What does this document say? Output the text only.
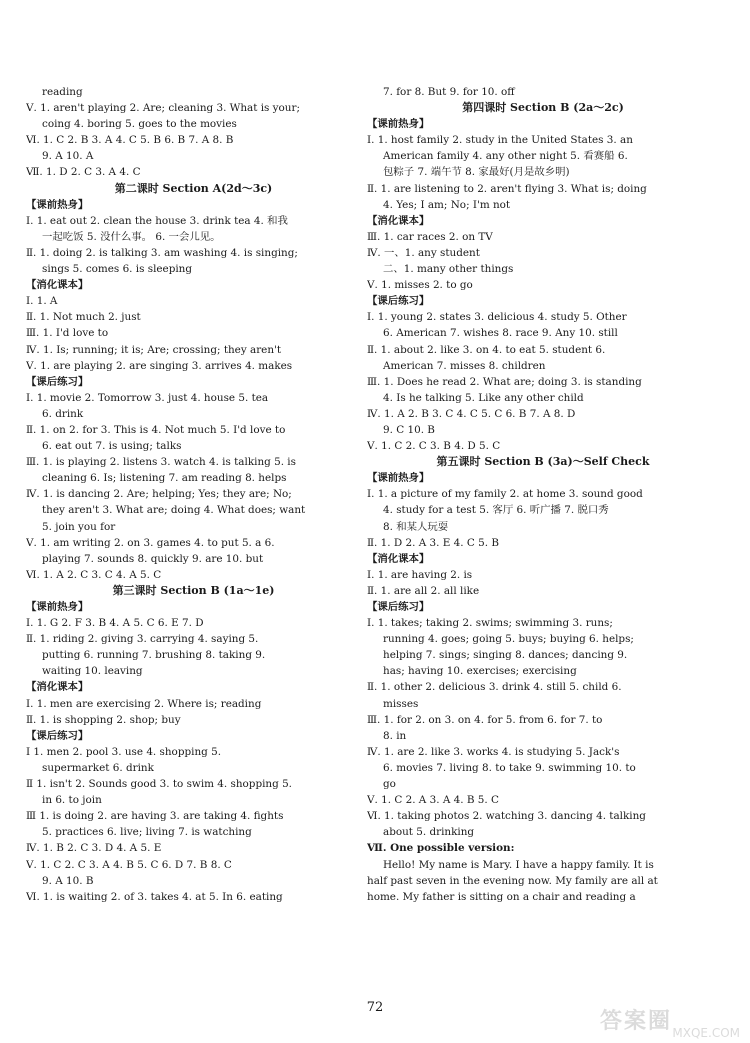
reading
Ⅴ. 1. aren't playing 2. Are; cleaning 3. What is your;
coing 4. boring 5. goes to the movies
Ⅵ. 1. C 2. B 3. A 4. C 5. B 6. B 7. A 8. B
9. A 10. A
Ⅶ. 1. D 2. C 3. A 4. C
第二课时 Section A(2d～3c)
【课前热身】
Ⅰ. 1. eat out 2. clean the house 3. drink tea 4. 和我
一起吃饭 5. 没什么事。 6. 一会儿见。
Ⅱ. 1. doing 2. is talking 3. am washing 4. is singing;
sings 5. comes 6. is sleeping
【消化课本】
Ⅰ. 1. A
Ⅱ. 1. Not much 2. just
Ⅲ. 1. I'd love to
Ⅳ. 1. Is; running; it is; Are; crossing; they aren't
Ⅴ. 1. are playing 2. are singing 3. arrives 4. makes
【课后练习】
Ⅰ. 1. movie 2. Tomorrow 3. just 4. house 5. tea
6. drink
Ⅱ. 1. on 2. for 3. This is 4. Not much 5. I'd love to
6. eat out 7. is using; talks
Ⅲ. 1. is playing 2. listens 3. watch 4. is talking 5. is
cleaning 6. Is; listening 7. am reading 8. helps
Ⅳ. 1. is dancing 2. Are; helping; Yes; they are; No;
they aren't 3. What are; doing 4. What does; want
5. join you for
Ⅴ. 1. am writing 2. on 3. games 4. to put 5. a 6.
playing 7. sounds 8. quickly 9. are 10. but
Ⅵ. 1. A 2. C 3. C 4. A 5. C
第三课时 Section B (1a～1e)
【课前热身】
Ⅰ. 1. G 2. F 3. B 4. A 5. C 6. E 7. D
Ⅱ. 1. riding 2. giving 3. carrying 4. saying 5.
putting 6. running 7. brushing 8. taking 9.
waiting 10. leaving
【消化课本】
Ⅰ. 1. men are exercising 2. Where is; reading
Ⅱ. 1. is shopping 2. shop; buy
【课后练习】
Ⅰ 1. men 2. pool 3. use 4. shopping 5.
supermarket 6. drink
Ⅱ 1. isn't 2. Sounds good 3. to swim 4. shopping 5.
in 6. to join
Ⅲ 1. is doing 2. are having 3. are taking 4. fights
5. practices 6. live; living 7. is watching
Ⅳ. 1. B 2. C 3. D 4. A 5. E
Ⅴ. 1. C 2. C 3. A 4. B 5. C 6. D 7. B 8. C
9. A 10. B
Ⅵ. 1. is waiting 2. of 3. takes 4. at 5. In 6. eating
7. for 8. But 9. for 10. off
第四课时 Section B (2a～2c)
【课前热身】
Ⅰ. 1. host family 2. study in the United States 3. an
American family 4. any other night 5. 看赛船 6.
包粽子 7. 端午节 8. 家最好(月是故乡明)
Ⅱ. 1. are listening to 2. aren't flying 3. What is; doing
4. Yes; I am; No; I'm not
【消化课本】
Ⅲ. 1. car races 2. on TV
Ⅳ. 一、1. any student
二、1. many other things
Ⅴ. 1. misses 2. to go
【课后练习】
Ⅰ. 1. young 2. states 3. delicious 4. study 5. Other
6. American 7. wishes 8. race 9. Any 10. still
Ⅱ. 1. about 2. like 3. on 4. to eat 5. student 6.
American 7. misses 8. children
Ⅲ. 1. Does he read 2. What are; doing 3. is standing
4. Is he talking 5. Like any other child
Ⅳ. 1. A 2. B 3. C 4. C 5. C 6. B 7. A 8. D
9. C 10. B
Ⅴ. 1. C 2. C 3. B 4. D 5. C
第五课时 Section B (3a)～Self Check
【课前热身】
Ⅰ. 1. a picture of my family 2. at home 3. sound good
4. study for a test 5. 客厅 6. 听广播 7. 脱口秀
8. 和某人玩耍
Ⅱ. 1. D 2. A 3. E 4. C 5. B
【消化课本】
Ⅰ. 1. are having 2. is
Ⅱ. 1. are all 2. all like
【课后练习】
Ⅰ. 1. takes; taking 2. swims; swimming 3. runs;
running 4. goes; going 5. buys; buying 6. helps;
helping 7. sings; singing 8. dances; dancing 9.
has; having 10. exercises; exercising
Ⅱ. 1. other 2. delicious 3. drink 4. still 5. child 6.
misses
Ⅲ. 1. for 2. on 3. on 4. for 5. from 6. for 7. to
8. in
Ⅳ. 1. are 2. like 3. works 4. is studying 5. Jack's
6. movies 7. living 8. to take 9. swimming 10. to
go
Ⅴ. 1. C 2. A 3. A 4. B 5. C
Ⅵ. 1. taking photos 2. watching 3. dancing 4. talking
about 5. drinking
Ⅶ. One possible version:
Hello! My name is Mary. I have a happy family. It is
half past seven in the evening now. My family are all at
home. My father is sitting on a chair and reading a
72
答案圈 MXQE.COM
